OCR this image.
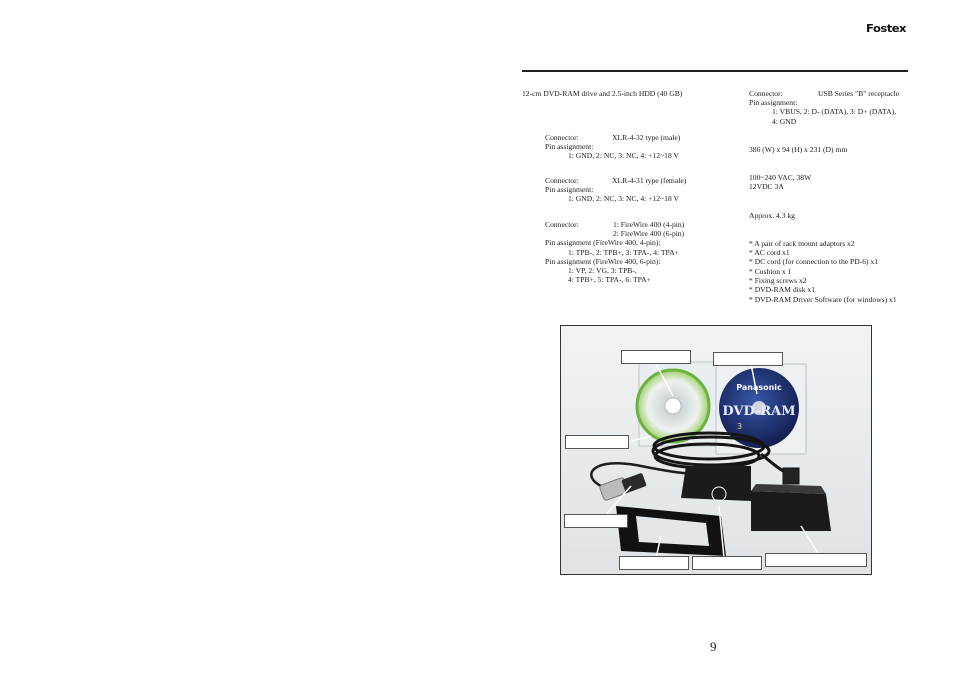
Fostex
12-cm DVD-RAM drive and 2.5-inch HDD (40 GB)
Connector:	XLR-4-32 type (male)
Pin assignment:
1: GND, 2: NC, 3: NC, 4: +12~18 V
Connector:	XLR-4-31 type (female)
Pin assignment:
1: GND, 2: NC, 3: NC, 4: +12~18 V
Connector:	1: FireWire 400 (4-pin)
2: FireWire 400 (6-pin)
Pin assignment (FireWire 400, 4-pin):
1: TPB-, 2: TPB+, 3: TPA-, 4: TPA+
Pin assignment (FireWire 400, 6-pin):
1: VP, 2: VG, 3: TPB-,
4: TPB+, 5: TPA-, 6: TPA+
Connector:	USB Series "B" receptacle
Pin assignment:
1: VBUS, 2: D- (DATA), 3: D+ (DATA),
4: GND
386 (W) x 94 (H) x 231 (D) mm
100~240 VAC, 38W
12VDC 3A
Approx. 4.3 kg
* A pair of rack mount adaptors x2
* AC cord x1
* DC cord (for connection to the PD-6) x1
* Cushion x 1
* Fixing screws x2
* DVD-RAM disk x1
* DVD-RAM Driver Software (for windows) x1
Panasonic
DVD-RAM
3
9
